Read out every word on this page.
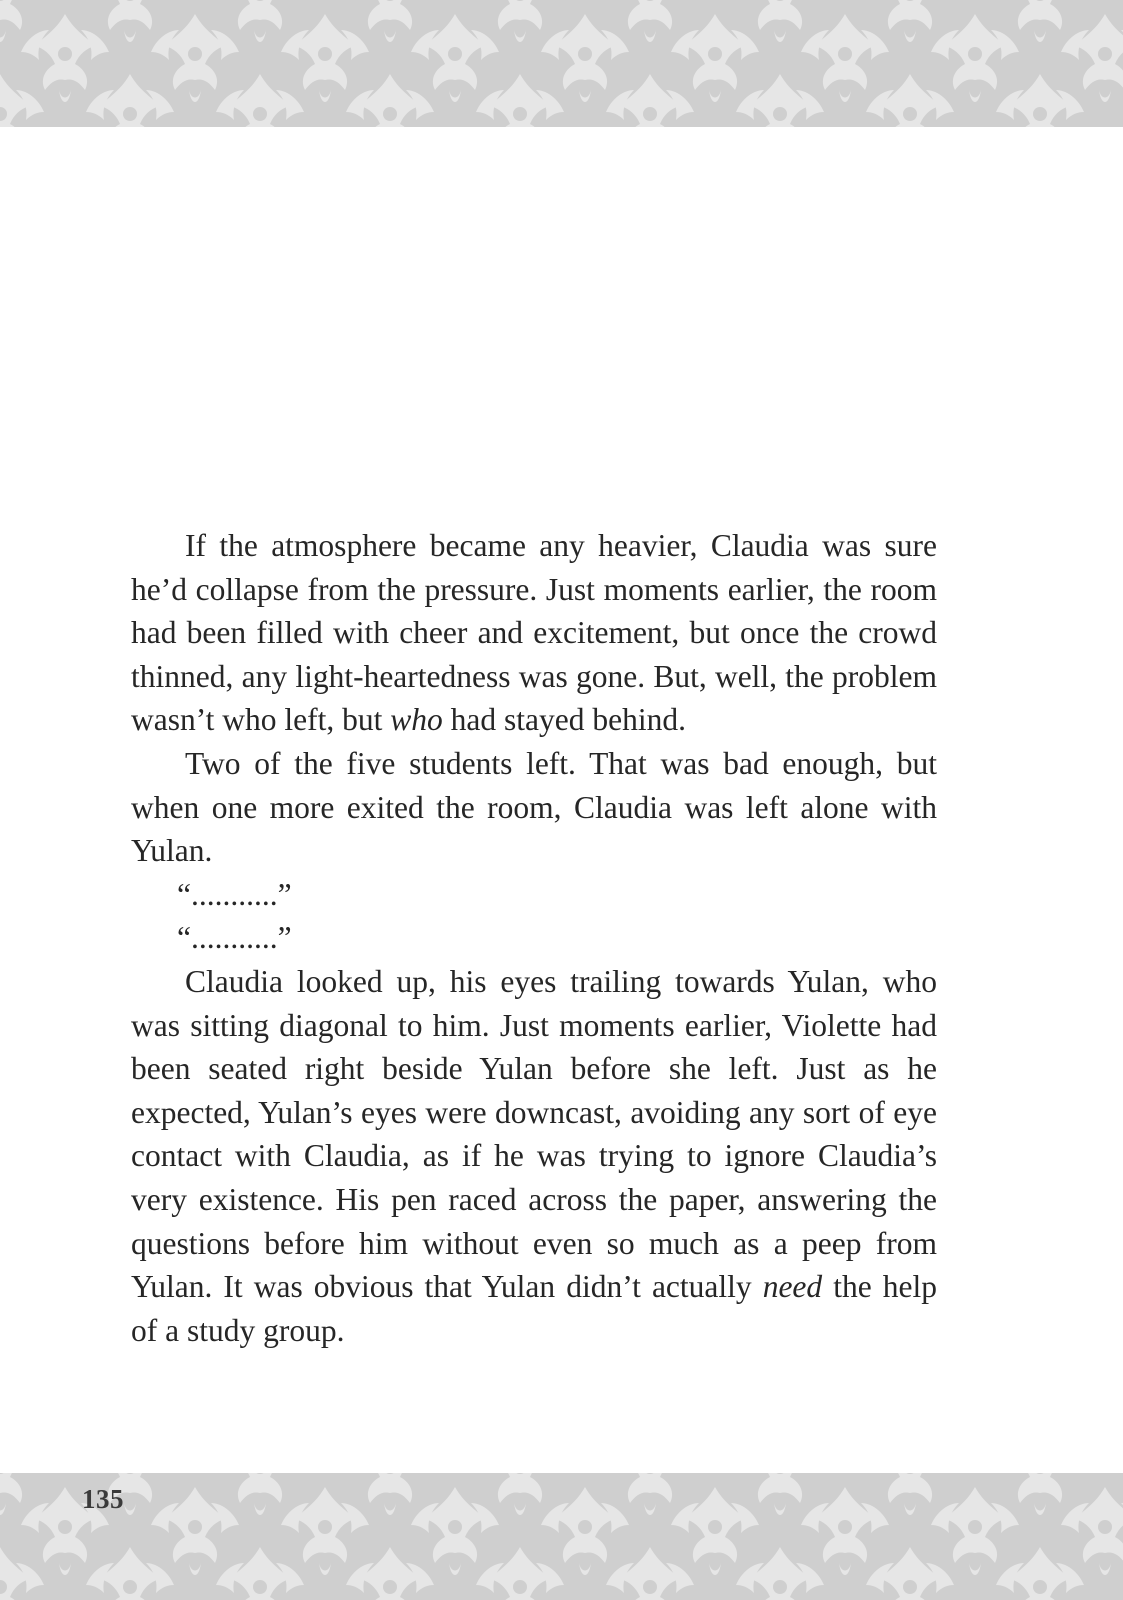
If the atmosphere became any heavier, Claudia was sure he’d collapse from the pressure. Just moments earlier, the room had been filled with cheer and excitement, but once the crowd thinned, any light-heartedness was gone. But, well, the problem wasn’t who left, but who had stayed behind.

Two of the five students left. That was bad enough, but when one more exited the room, Claudia was left alone with Yulan.

“...........”

“...........”

Claudia looked up, his eyes trailing towards Yulan, who was sitting diagonal to him. Just moments earlier, Violette had been seated right beside Yulan before she left. Just as he expected, Yulan’s eyes were downcast, avoiding any sort of eye contact with Claudia, as if he was trying to ignore Claudia’s very existence. His pen raced across the paper, answering the questions before him without even so much as a peep from Yulan. It was obvious that Yulan didn’t actually need the help of a study group.

135
